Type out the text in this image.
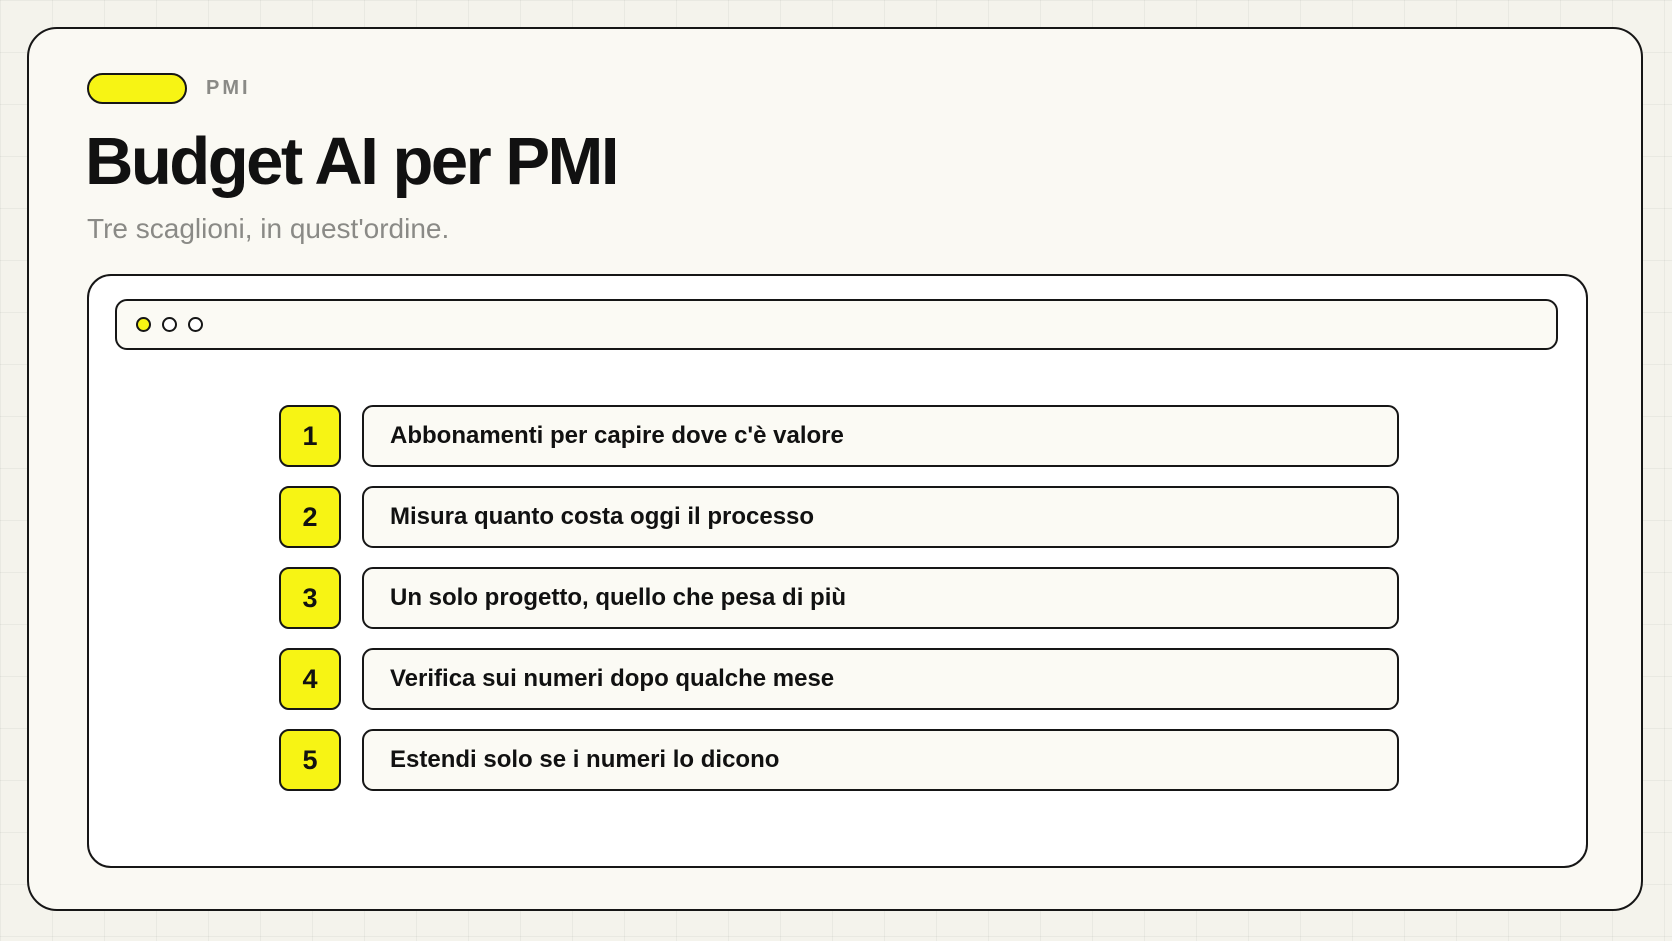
PMI
Budget AI per PMI

Tre scaglioni, in quest'ordine.

1	Abbonamenti per capire dove c'è valore
2	Misura quanto costa oggi il processo
3	Un solo progetto, quello che pesa di più
4	Verifica sui numeri dopo qualche mese
5	Estendi solo se i numeri lo dicono
